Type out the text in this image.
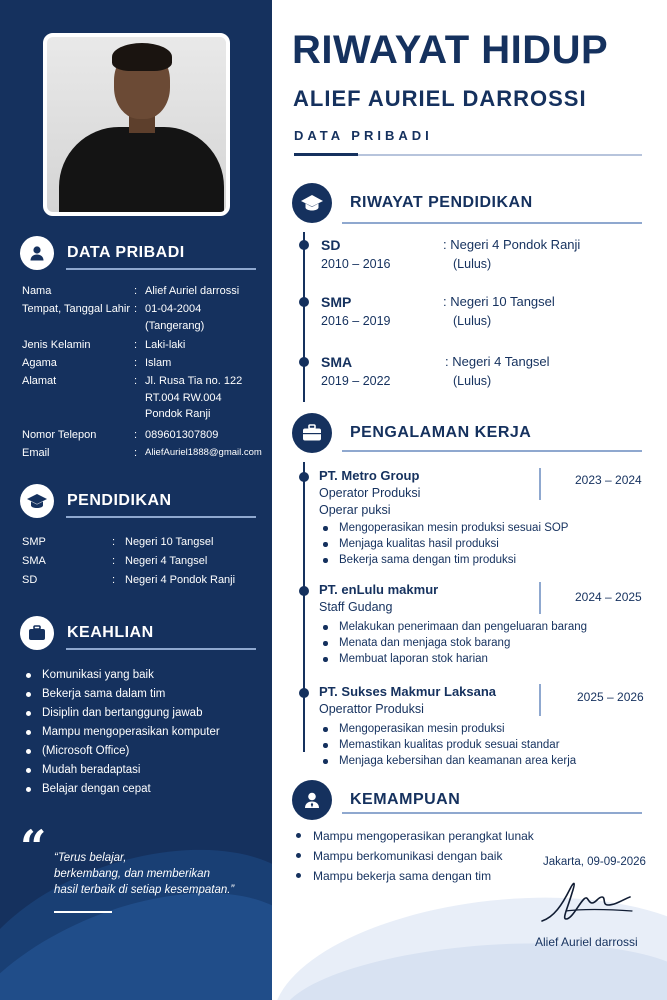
DATA PRIBADI
Nama	: Alief Auriel darrossi
Tempat, Tanggal Lahir : 01-04-2004
(Tangerang)
Jenis Kelamin	: Laki-laki
Agama	: Islam
Alamat	: Jl. Rusa Tia no. 122
RT.004 RW.004
Pondok Ranji
Nomor Telepon	: 089601307809
Email	: AliefAuriel1888@gmail.com
PENDIDIKAN
SMP	: Negeri 10 Tangsel
SMA	: Negeri 4 Tangsel
SD	: Negeri 4 Pondok Ranji
KEAHLIAN
Komunikasi yang baik
Bekerja sama dalam tim
Disiplin dan bertanggung jawab
Mampu mengoperasikan komputer
(Microsoft Office)
Mudah beradaptasi
Belajar dengan cepat
“ “Terus belajar,
berkembang, dan memberikan
hasil terbaik di setiap kesempatan.”
RIWAYAT HIDUP
ALIEF AURIEL DARROSSI
DATA PRIBADI
RIWAYAT PENDIDIKAN
SD
2010 – 2016
: Negeri 4 Pondok Ranji
(Lulus)
SMP
2016 – 2019
: Negeri 10 Tangsel
(Lulus)
SMA
2019 – 2022
: Negeri 4 Tangsel
(Lulus)
PENGALAMAN KERJA
PT. Metro Group
Operator Produksi
Operar puksi
2023 – 2024
Mengoperasikan mesin produksi sesuai SOP
Menjaga kualitas hasil produksi
Bekerja sama dengan tim produksi
PT. enLulu makmur
Staff Gudang
2024 – 2025
Melakukan penerimaan dan pengeluaran barang
Menata dan menjaga stok barang
Membuat laporan stok harian
PT. Sukses Makmur Laksana
Operattor Produksi
2025 – 2026
Mengoperasikan mesin produksi
Memastikan kualitas produk sesuai standar
Menjaga kebersihan dan keamanan area kerja
KEMAMPUAN
Mampu mengoperasikan perangkat lunak
Mampu berkomunikasi dengan baik
Mampu bekerja sama dengan tim
Jakarta, 09-09-2026
Alief Auriel darrossi
